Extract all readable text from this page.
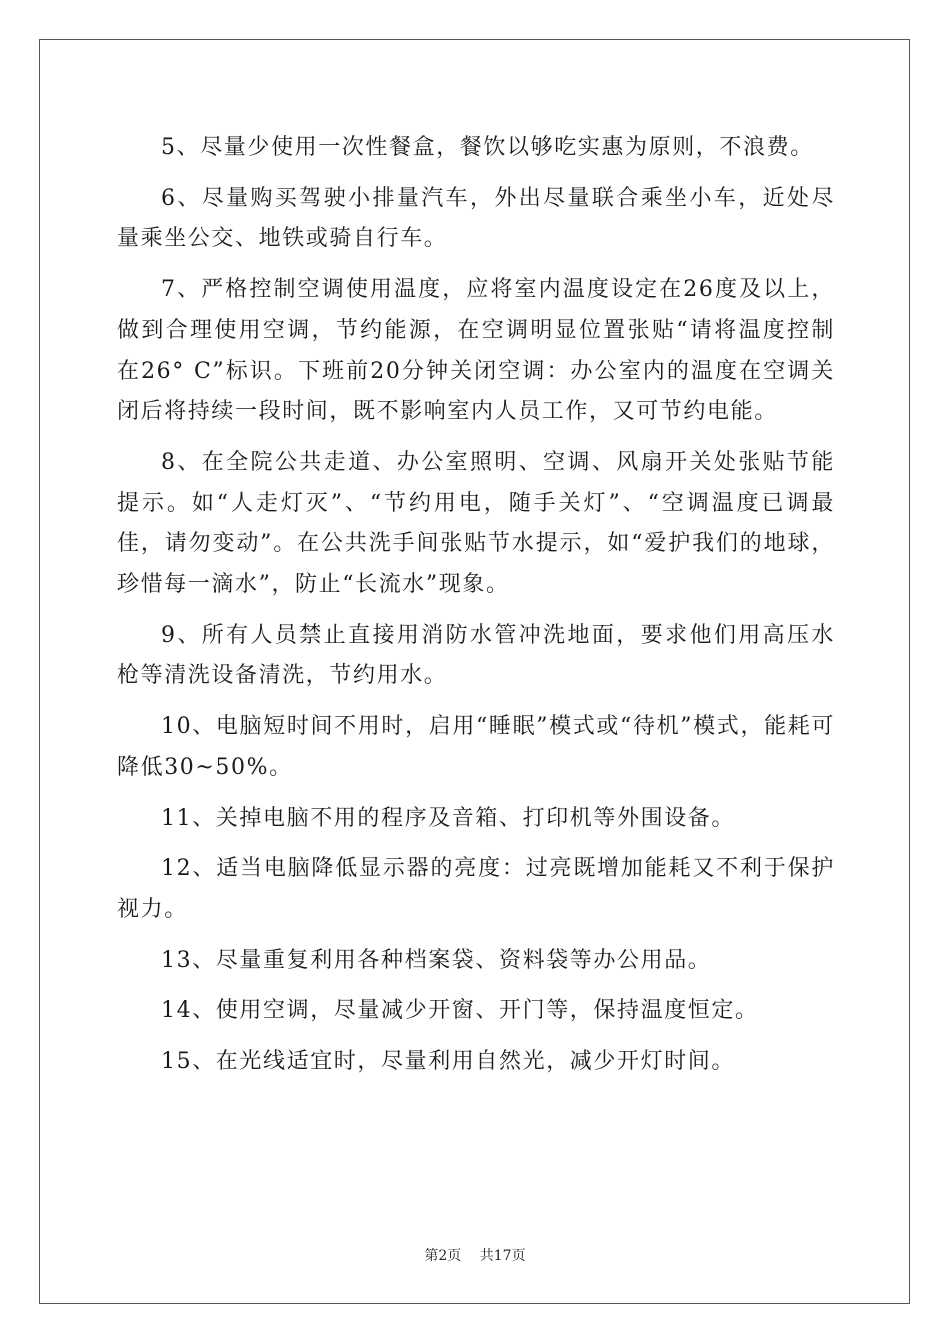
5、尽量少使用一次性餐盒，餐饮以够吃实惠为原则，不浪费。

6、尽量购买驾驶小排量汽车，外出尽量联合乘坐小车，近处尽量乘坐公交、地铁或骑自行车。

7、严格控制空调使用温度，应将室内温度设定在26度及以上，做到合理使用空调，节约能源，在空调明显位置张贴“请将温度控制在26° C”标识。下班前20分钟关闭空调：办公室内的温度在空调关闭后将持续一段时间，既不影响室内人员工作，又可节约电能。

8、在全院公共走道、办公室照明、空调、风扇开关处张贴节能提示。如“人走灯灭”、“节约用电，随手关灯”、“空调温度已调最佳，请勿变动”。在公共洗手间张贴节水提示，如“爱护我们的地球，珍惜每一滴水”，防止“长流水”现象。

9、所有人员禁止直接用消防水管冲洗地面，要求他们用高压水枪等清洗设备清洗，节约用水。

10、电脑短时间不用时，启用“睡眠”模式或“待机”模式，能耗可降低30~50%。

11、关掉电脑不用的程序及音箱、打印机等外围设备。

12、适当电脑降低显示器的亮度：过亮既增加能耗又不利于保护视力。

13、尽量重复利用各种档案袋、资料袋等办公用品。

14、使用空调，尽量减少开窗、开门等，保持温度恒定。

15、在光线适宜时，尽量利用自然光，减少开灯时间。

第2页 共17页
